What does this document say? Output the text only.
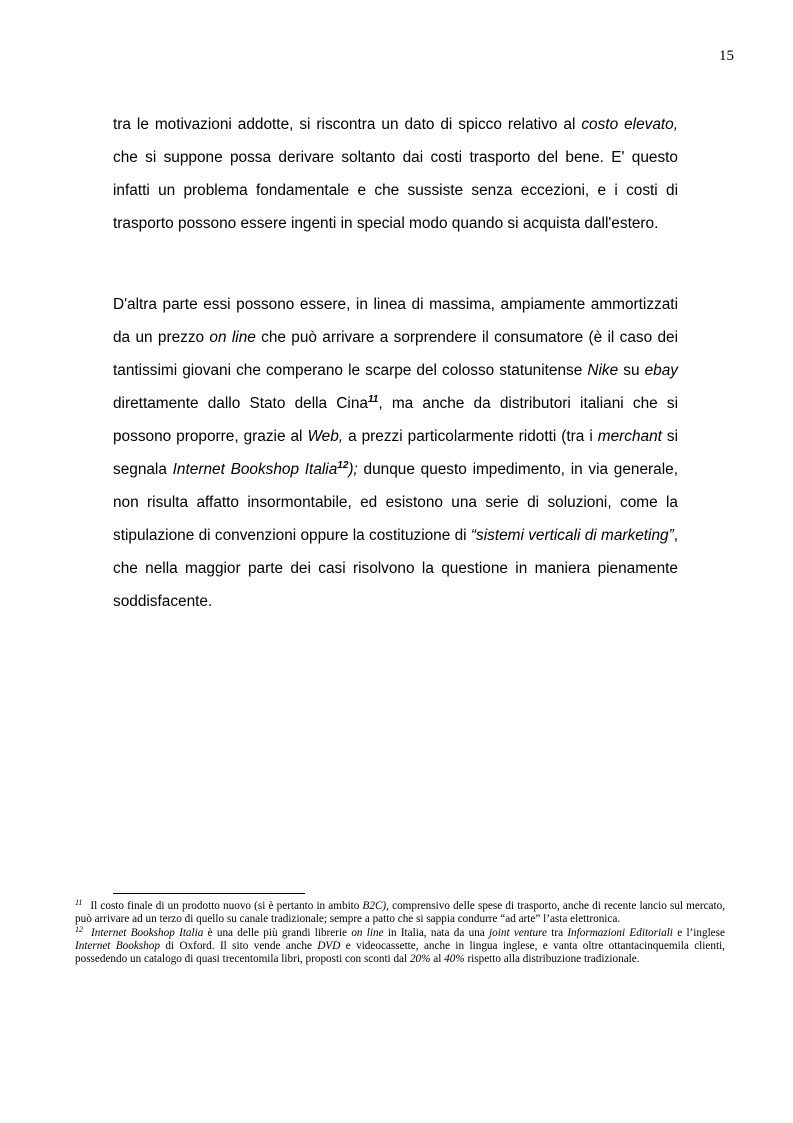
15

tra le motivazioni addotte, si riscontra un dato di spicco relativo al costo elevato, che si suppone possa derivare soltanto dai costi trasporto del bene. E' questo infatti un problema fondamentale e che sussiste senza eccezioni, e i costi di trasporto possono essere ingenti in special modo quando si acquista dall'estero.

D'altra parte essi possono essere, in linea di massima, ampiamente ammortizzati da un prezzo on line che può arrivare a sorprendere il consumatore (è il caso dei tantissimi giovani che comperano le scarpe del colosso statunitense Nike su ebay direttamente dallo Stato della Cina$^{11}$, ma anche da distributori italiani che si possono proporre, grazie al Web, a prezzi particolarmente ridotti (tra i merchant si segnala Internet Bookshop Italia$^{12}$); dunque questo impedimento, in via generale, non risulta affatto insormontabile, ed esistono una serie di soluzioni, come la stipulazione di convenzioni oppure la costituzione di “sistemi verticali di marketing”, che nella maggior parte dei casi risolvono la questione in maniera pienamente soddisfacente.

$^{11}$ Il costo finale di un prodotto nuovo (si è pertanto in ambito B2C), comprensivo delle spese di trasporto, anche di recente lancio sul mercato, può arrivare ad un terzo di quello su canale tradizionale; sempre a patto che si sappia condurre “ad arte” l’asta elettronica.

$^{12}$ Internet Bookshop Italia è una delle più grandi librerie on line in Italia, nata da una joint venture tra Informazioni Editoriali e l’inglese Internet Bookshop di Oxford. Il sito vende anche DVD e videocassette, anche in lingua inglese, e vanta oltre ottantacinquemila clienti, possedendo un catalogo di quasi trecentomila libri, proposti con sconti dal 20% al 40% rispetto alla distribuzione tradizionale.
